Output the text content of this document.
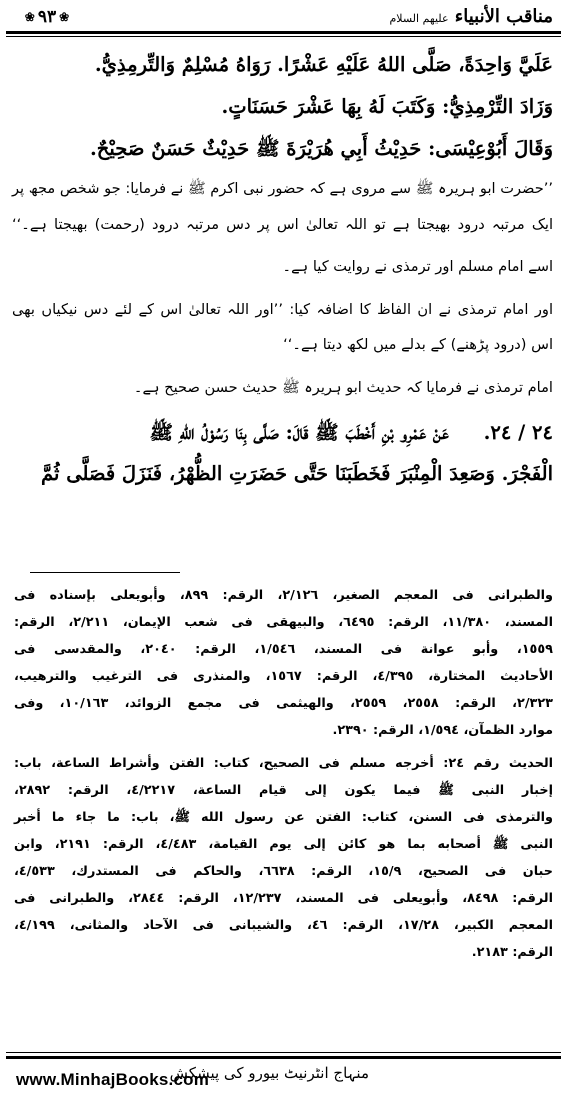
❀ ٩٣ ❀	مناقب الأنبياء علیهم السلام
عَلَيَّ وَاحِدَةً، صَلَّى اللهُ عَلَيْهِ عَشْرًا. رَوَاهُ مُسْلِمٌ وَالتِّرمِذِيُّ.
وَزَادَ التِّرْمِذِيُّ: وَكَتَبَ لَهُ بِهَا عَشْرَ حَسَنَاتٍ.
وَقَالَ أَبُوْعِيْسَى: حَدِيْثُ أَبِي هُرَيْرَةَ ﷺ حَدِيْثٌ حَسَنٌ صَحِيْحٌ.
’’حضرت ابو ہریرہ ﷺ سے مروی ہے کہ حضور نبی اکرم ﷺ نے فرمایا: جو شخص مجھ پر
ایک مرتبہ درود بھیجتا ہے تو اللہ تعالیٰ اس پر دس مرتبہ درود (رحمت) بھیجتا ہے۔‘‘
اسے امام مسلم اور ترمذی نے روایت کیا ہے۔
اور امام ترمذی نے ان الفاظ کا اضافہ کیا: ’’اور اللہ تعالیٰ اس کے لئے دس نیکیاں بھی
اس (درود پڑھنے) کے بدلے میں لکھ دیتا ہے۔‘‘
امام ترمذی نے فرمایا کہ حدیث ابو ہریرہ ﷺ حدیث حسن صحیح ہے۔
٢٤ / ٢٤. عَنْ عَمْرِو بْنِ أَخْطَبَ ﷺ قَالَ: صَلَّى بِنَا رَسُوْلُ اللهِ ﷺ
الْفَجْرَ. وَصَعِدَ الْمِنْبَرَ فَخَطَبَنَا حَتَّى حَضَرَتِ الظُّهْرُ، فَنَزَلَ فَصَلَّى ثُمَّ
والطبرانی فی المعجم الصغير، ٢/١٢٦، الرقم: ٨٩٩، وأبويعلى بإسناده فی
المسند، ١١/٣٨٠، الرقم: ٦٤٩٥، والبيهقی فی شعب الإيمان، ٢/٢١١، الرقم:
١٥٥٩، وأبو عوانة فی المسند، ١/٥٤٦، الرقم: ٢٠٤٠، والمقدسی فی
الأحاديث المختارة، ٤/٣٩٥، الرقم: ١٥٦٧، والمنذری فی الترغيب والترهيب،
٢/٣٢٣، الرقم: ٢٥٥٨، ٢٥٥٩، والهيثمی فی مجمع الزوائد، ١٠/١٦٣، وفی
موارد الظمآن، ١/٥٩٤، الرقم: ٢٣٩٠.
الحديث رقم ٢٤: أخرجه مسلم فی الصحيح، كتاب: الفتن وأشراط الساعة، باب:
إخبار النبی ﷺ فيما يكون إلى قيام الساعة، ٤/٢٢١٧، الرقم: ٢٨٩٢،
والترمذی فی السنن، كتاب: الفتن عن رسول الله ﷺ، باب: ما جاء ما أخبر
النبی ﷺ أصحابه بما هو كائن إلى يوم القيامة، ٤/٤٨٣، الرقم: ٢١٩١، وابن
حبان فی الصحيح، ١٥/٩، الرقم: ٦٦٣٨، والحاكم فی المستدرك، ٤/٥٣٣،
الرقم: ٨٤٩٨، وأبويعلى فی المسند، ١٢/٢٣٧، الرقم: ٢٨٤٤، والطبرانی فی
المعجم الكبير، ١٧/٢٨، الرقم: ٤٦، والشيبانی فی الآحاد والمثانی، ٤/١٩٩،
الرقم: ٢١٨٣.
www.MinhajBooks.com
منہاج انٹرنیٹ بیورو کی پیشکش
